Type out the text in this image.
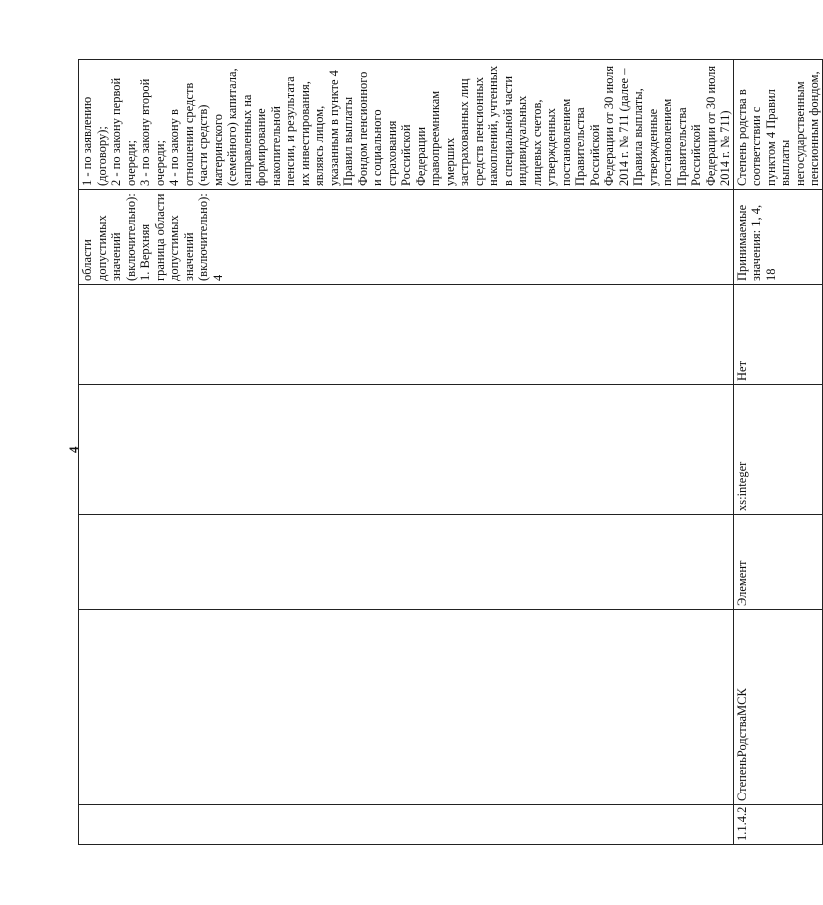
4
					области допустимых значений (включительно): 1. Верхняя граница области допустимых значений (включительно): 4	1 - по заявлению (договору);
2 - по закону первой очереди;
3 - по закону второй очереди;
4 - по закону в отношении средств (части средств) материнского (семейного) капитала, направленных на формирование накопительной пенсии, и результата их инвестирования, являясь лицом, указанным в пункте 4 Правил выплаты Фондом пенсионного и социального страхования Российской Федерации правопреемникам умерших застрахованных лиц средств пенсионных накоплений, учтенных в специальной части индивидуальных лицевых счетов, утвержденных постановлением Правительства Российской Федерации от 30 июля 2014 г. № 711 (далее – Правила выплаты, утвержденные постановлением Правительства Российской Федерации от 30 июля 2014 г. № 711)
1.1.4.2	СтепеньРодстваМСК	Элемент	xs:integer	Нет	Принимаемые значения: 1, 4, 18	Степень родства в соответствии с пунктом 4 Правил выплаты негосударственным пенсионным фондом,
